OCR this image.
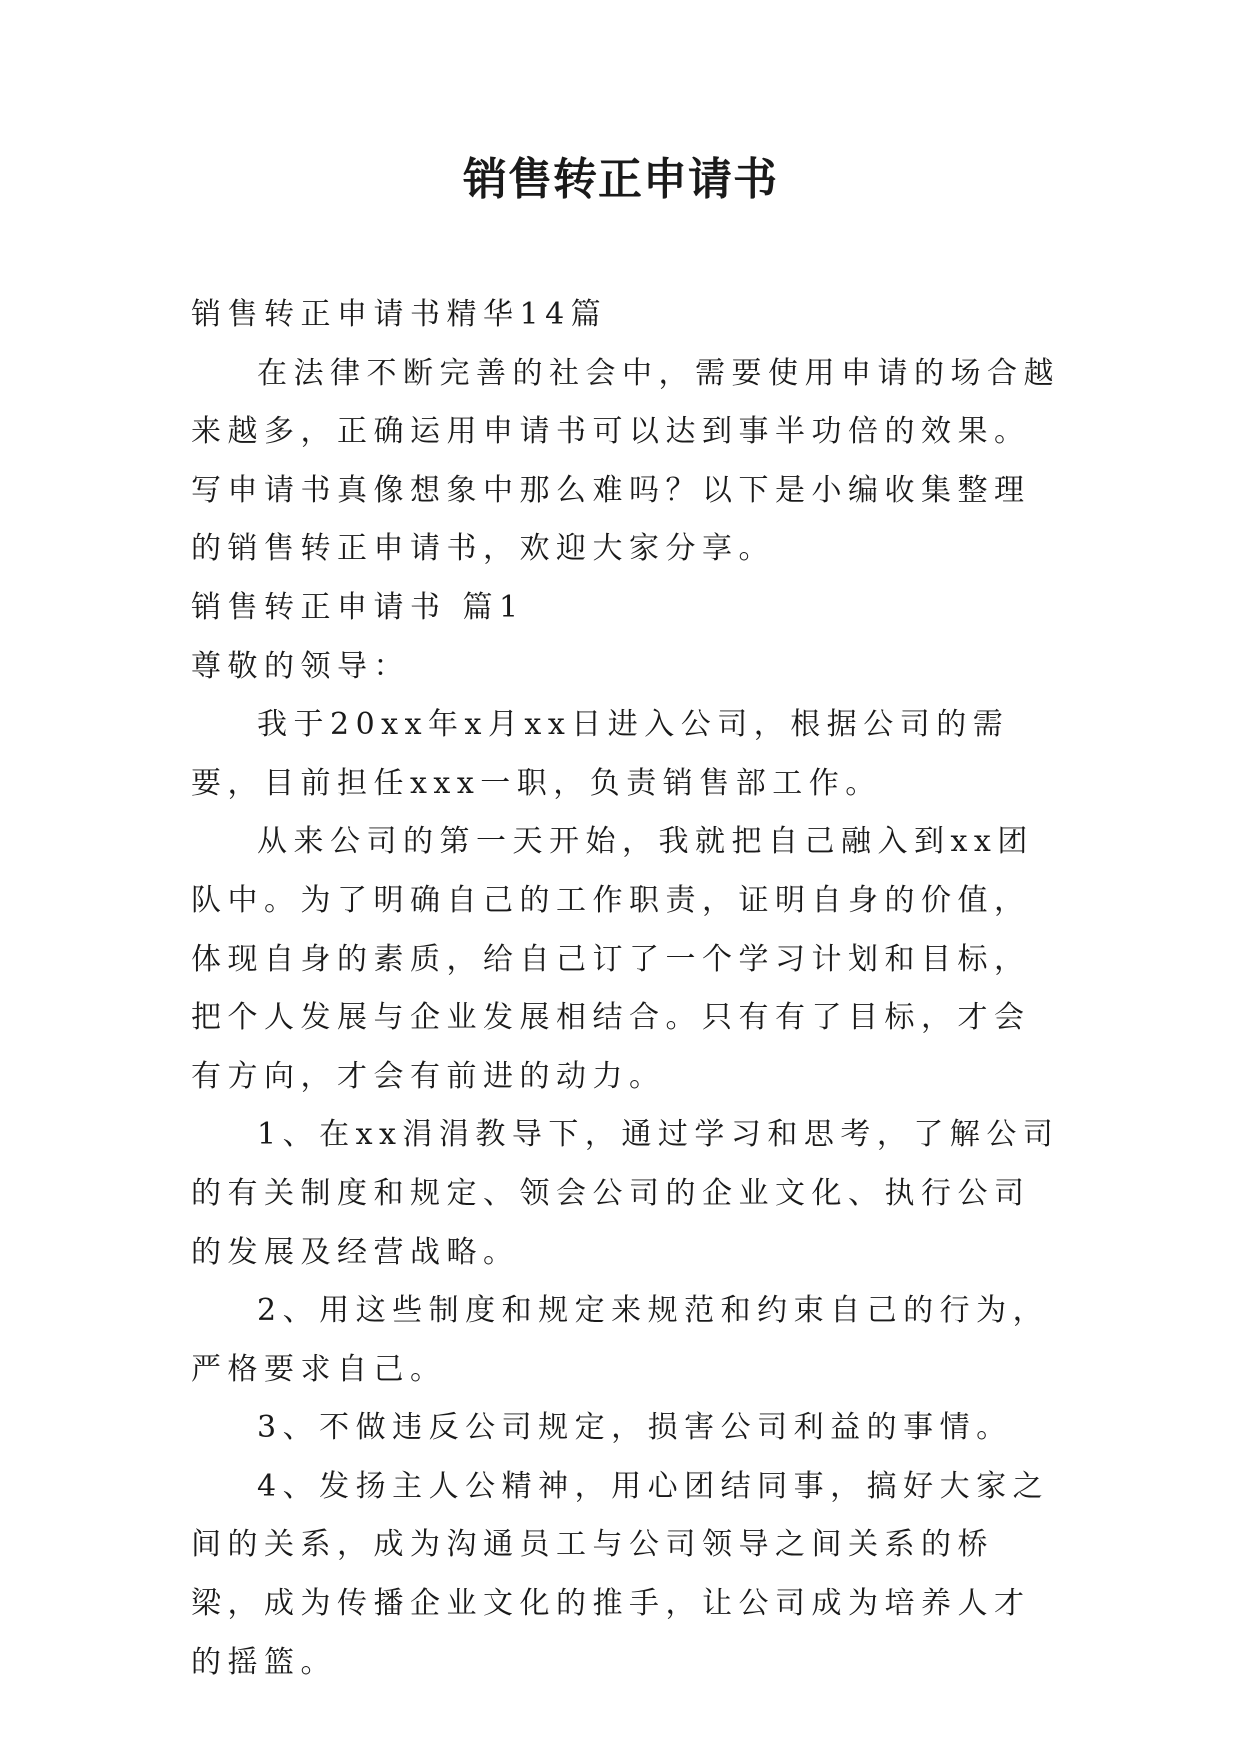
销售转正申请书

销售转正申请书精华14篇

在法律不断完善的社会中，需要使用申请的场合越来越多，正确运用申请书可以达到事半功倍的效果。写申请书真像想象中那么难吗？以下是小编收集整理的销售转正申请书，欢迎大家分享。

销售转正申请书 篇1

尊敬的领导：

我于20xx年x月xx日进入公司，根据公司的需要，目前担任xxx一职，负责销售部工作。

从来公司的第一天开始，我就把自己融入到xx团队中。为了明确自己的工作职责，证明自身的价值，体现自身的素质，给自己订了一个学习计划和目标，把个人发展与企业发展相结合。只有有了目标，才会有方向，才会有前进的动力。

1、在xx涓涓教导下，通过学习和思考，了解公司的有关制度和规定、领会公司的企业文化、执行公司的发展及经营战略。

2、用这些制度和规定来规范和约束自己的行为，严格要求自己。

3、不做违反公司规定，损害公司利益的事情。

4、发扬主人公精神，用心团结同事，搞好大家之间的关系，成为沟通员工与公司领导之间关系的桥梁，成为传播企业文化的推手，让公司成为培养人才的摇篮。
